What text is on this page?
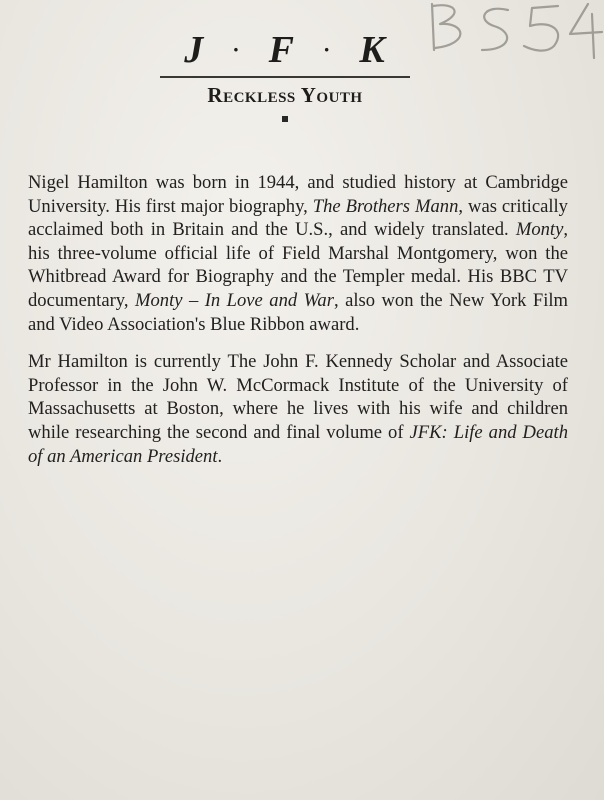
J · F · K
Reckless Youth

Nigel Hamilton was born in 1944, and studied history at Cambridge University. His first major biography, The Brothers Mann, was critically acclaimed both in Britain and the U.S., and widely translated. Monty, his three-volume official life of Field Marshal Montgomery, won the Whitbread Award for Biography and the Templer medal. His BBC TV documentary, Monty – In Love and War, also won the New York Film and Video Association's Blue Ribbon award.

Mr Hamilton is currently The John F. Kennedy Scholar and Associate Professor in the John W. McCormack Institute of the University of Massachusetts at Boston, where he lives with his wife and children while researching the second and final volume of JFK: Life and Death of an American President.
